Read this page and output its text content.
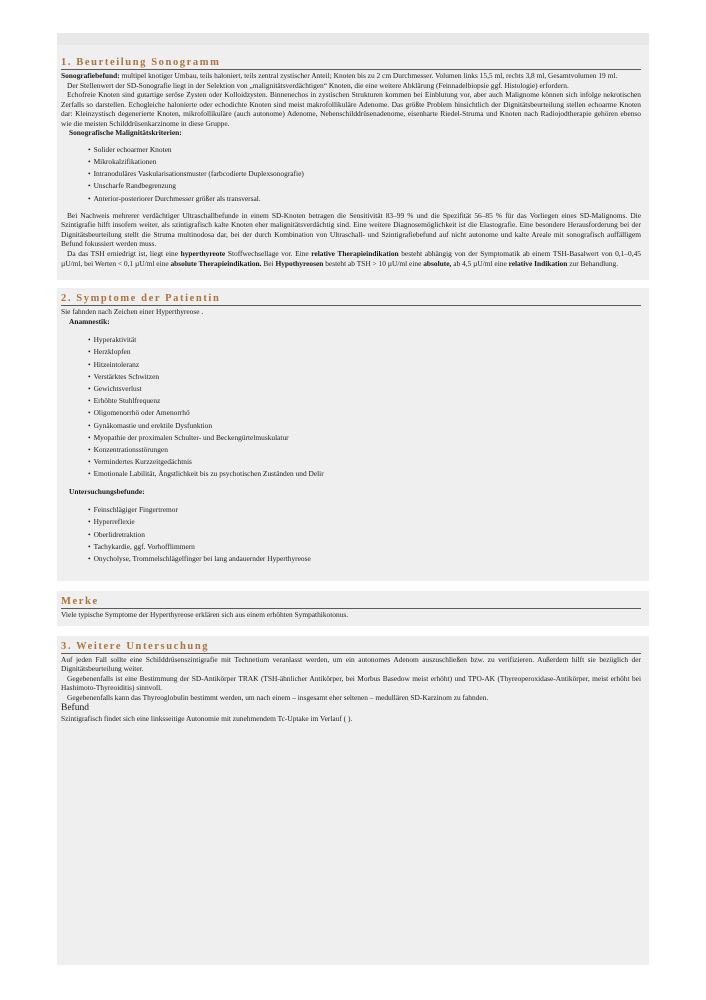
1. Beurteilung Sonogramm

Sonografiebefund: multipel knotiger Umbau, teils haloniert, teils zentral zystischer Anteil; Knoten bis zu 2 cm Durchmesser. Volumen links 15,5 ml, rechts 3,8 ml, Gesamtvolumen 19 ml.

Der Stellenwert der SD-Sonografie liegt in der Selektion von „malignitätsverdächtigen“ Knoten, die eine weitere Abklärung (Feinnadelbiopsie ggf. Histologie) erfordern.

Echofreie Knoten sind gutartige seröse Zysten oder Kolloidzysten. Binnenechos in zystischen Strukturen kommen bei Einblutung vor, aber auch Malignome können sich infolge nekrotischen Zerfalls so darstellen. Echogleiche halonierte oder echodichte Knoten sind meist makrofollikuläre Adenome. Das größte Problem hinsichtlich der Dignitätsbeurteilung stellen echoarme Knoten dar: Kleinzystisch degenerierte Knoten, mikrofollikuläre (auch autonome) Adenome, Nebenschilddrüsenadenome, eisenharte Riedel-Struma und Knoten nach Radiojodtherapie gehören ebenso wie die meisten Schilddrüsenkarzinome in diese Gruppe.

Sonografische Malignitätskriterien:
• Solider echoarmer Knoten
• Mikrokalzifikationen
• Intranoduläres Vaskularisationsmuster (farbcodierte Duplexsonografie)
• Unscharfe Randbegrenzung
• Anterior-posteriorer Durchmesser größer als transversal.

Bei Nachweis mehrerer verdächtiger Ultraschallbefunde in einem SD-Knoten betragen die Sensitivität 83–99 % und die Spezifität 56–85 % für das Vorliegen eines SD-Malignoms. Die Szintigrafie hilft insofern weiter, als szintigrafisch kalte Knoten eher malignitätsverdächtig sind. Eine weitere Diagnosemöglichkeit ist die Elastografie. Eine besondere Herausforderung bei der Dignitätsbeurteilung stellt die Struma multinodosa dar, bei der durch Kombination von Ultraschall- und Szintigrafiebefund auf nicht autonome und kalte Areale mit sonografisch auffälligem Befund fokussiert werden muss.

Da das TSH erniedrigt ist, liegt eine hyperthyreote Stoffwechsellage vor. Eine relative Therapieindikation besteht abhängig von der Symptomatik ab einem TSH-Basalwert von 0,1–0,45 µU/ml, bei Werten < 0,1 µU/ml eine absolute Therapieindikation. Bei Hypothyreosen besteht ab TSH > 10 µU/ml eine absolute, ab 4,5 µU/ml eine relative Indikation zur Behandlung.

2. Symptome der Patientin

Sie fahnden nach Zeichen einer Hyperthyreose .

Anamnestik:
• Hyperaktivität
• Herzklopfen
• Hitzeintoleranz
• Verstärktes Schwitzen
• Gewichtsverlust
• Erhöhte Stuhlfrequenz
• Oligomenorrhö oder Amenorrhö
• Gynäkomastie und erektile Dysfunktion
• Myopathie der proximalen Schulter- und Beckengürtelmuskulatur
• Konzentrationsstörungen
• Vermindertes Kurzzeitgedächtnis
• Emotionale Labilität, Ängstlichkeit bis zu psychotischen Zuständen und Delir
Untersuchungsbefunde:
• Feinschlägiger Fingertremor
• Hyperreflexie
• Oberlidretraktion
• Tachykardie, ggf. Vorhofflimmern
• Onycholyse, Trommelschlägelfinger bei lang andauernder Hyperthyreose
Merke

Viele typische Symptome der Hyperthyreose erklären sich aus einem erhöhten Sympathikotonus.

3. Weitere Untersuchung

Auf jeden Fall sollte eine Schilddrüsenszintigrafie mit Technetium veranlasst werden, um ein autonomes Adenom auszuschließen bzw. zu verifizieren. Außerdem hilft sie bezüglich der Dignitätsbeurteilung weiter.

Gegebenenfalls ist eine Bestimmung der SD-Antikörper TRAK (TSH-ähnlicher Antikörper, bei Morbus Basedow meist erhöht) und TPO-AK (Thyreoperoxidase-Antikörper, meist erhöht bei Hashimoto-Thyreoiditis) sinnvoll.

Gegebenenfalls kann das Thyreoglobulin bestimmt werden, um nach einem – insgesamt eher seltenen – medullären SD-Karzinom zu fahnden.

Befund

Szintigrafisch findet sich eine linksseitige Autonomie mit zunehmendem Tc-Uptake im Verlauf ( ).
